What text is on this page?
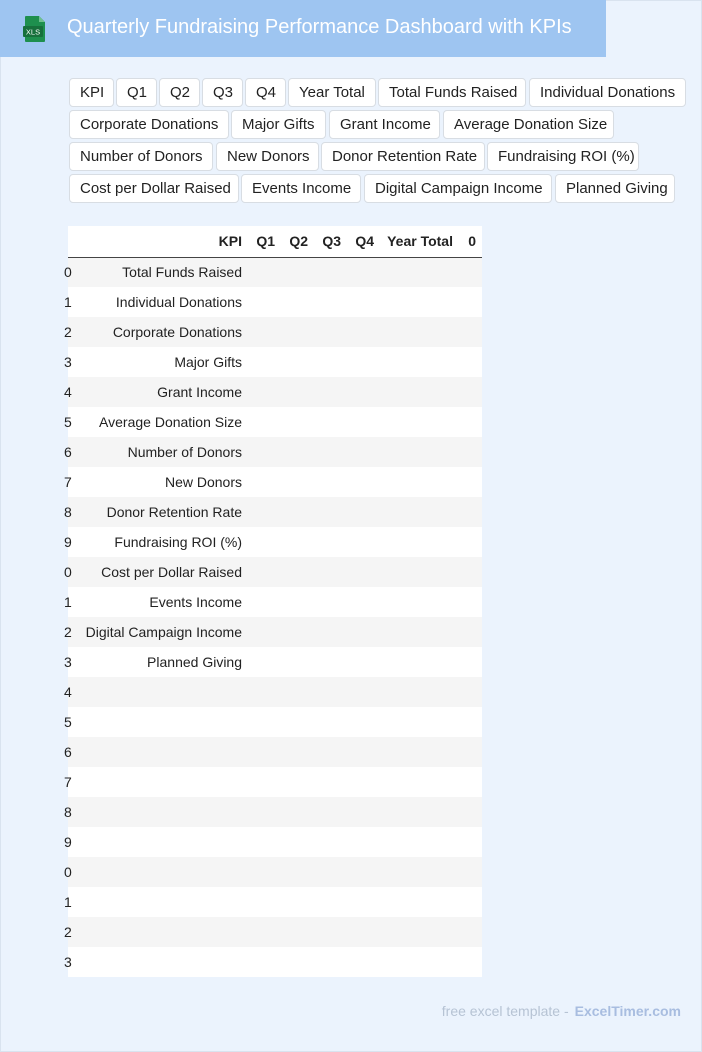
XLS Quarterly Fundraising Performance Dashboard with KPIs
KPI	Q1	Q2	Q3	Q4	Year Total	Total Funds Raised	Individual Donations
Corporate Donations	Major Gifts	Grant Income	Average Donation Size
Number of Donors	New Donors	Donor Retention Rate	Fundraising ROI (%)
Cost per Dollar Raised	Events Income	Digital Campaign Income	Planned Giving
	KPI	Q1	Q2	Q3	Q4	Year Total	0
0	Total Funds Raised						
1	Individual Donations						
2	Corporate Donations						
3	Major Gifts						
4	Grant Income						
5	Average Donation Size						
6	Number of Donors						
7	New Donors						
8	Donor Retention Rate						
9	Fundraising ROI (%)						
0	Cost per Dollar Raised						
1	Events Income						
2	Digital Campaign Income						
3	Planned Giving						
4							
5							
6							
7							
8							
9							
0							
1							
2							
3							
free excel template - ExcelTimer.com
